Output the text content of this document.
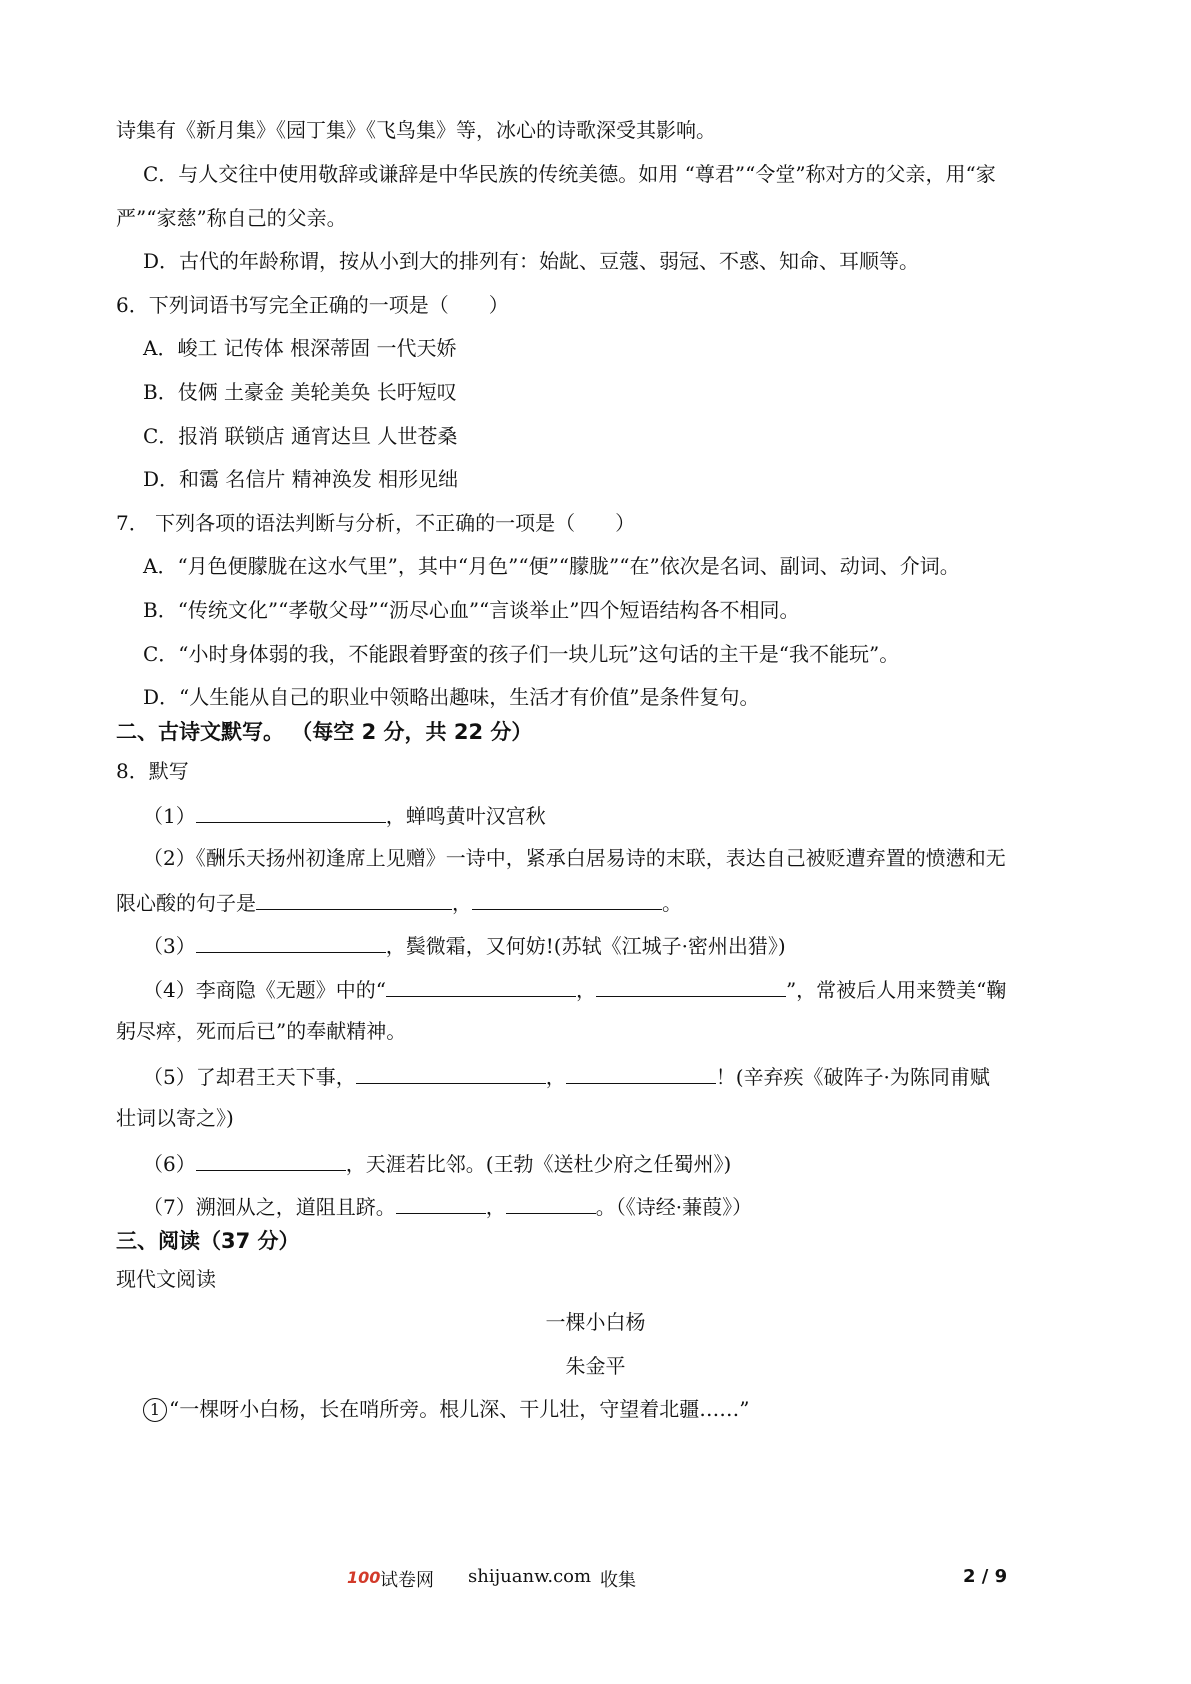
诗集有《新月集》《园丁集》《飞鸟集》等，冰心的诗歌深受其影响。
C．与人交往中使用敬辞或谦辞是中华民族的传统美德。如用 “尊君”“令堂”称对方的父亲，用“家
严”“家慈”称自己的父亲。
D．古代的年龄称谓，按从小到大的排列有：始龀、豆蔻、弱冠、不惑、知命、耳顺等。
6．下列词语书写完全正确的一项是（　　）
A．峻工 记传体 根深蒂固 一代天娇
B．伎俩 土豪金 美轮美奂 长吁短叹
C．报消 联锁店 通宵达旦 人世苍桑
D．和霭 名信片 精神涣发 相形见绌
7． 下列各项的语法判断与分析，不正确的一项是（　　）
A．“月色便朦胧在这水气里”，其中“月色”“便”“朦胧”“在”依次是名词、副词、动词、介词。
B．“传统文化”“孝敬父母”“沥尽心血”“言谈举止”四个短语结构各不相同。
C．“小时身体弱的我，不能跟着野蛮的孩子们一块儿玩”这句话的主干是“我不能玩”。
D．“人生能从自己的职业中领略出趣味，生活才有价值”是条件复句。
二、古诗文默写。 （每空 2 分，共 22 分）
8．默写
（1）	，蝉鸣黄叶汉宫秋
（2）《酬乐天扬州初逢席上见赠》一诗中，紧承白居易诗的末联，表达自己被贬遭弃置的愤懑和无
限心酸的句子是	，	。
（3）	，鬓微霜，又何妨!(苏轼《江城子·密州出猎》)
（4）李商隐《无题》中的“	，	”，常被后人用来赞美“鞠
躬尽瘁，死而后已”的奉献精神。
（5）了却君王天下事，	，	！(辛弃疾《破阵子·为陈同甫赋
壮词以寄之》)
（6）	，天涯若比邻。(王勃《送杜少府之任蜀州》)
（7）溯洄从之，道阻且跻。	，	。（《诗经·蒹葭》）
三、阅读（37 分）
现代文阅读
一棵小白杨
朱金平
1 “一棵呀小白杨，长在哨所旁。根儿深、干儿壮，守望着北疆……”
100 试卷网 shijuanw.com 收集	2 / 9
